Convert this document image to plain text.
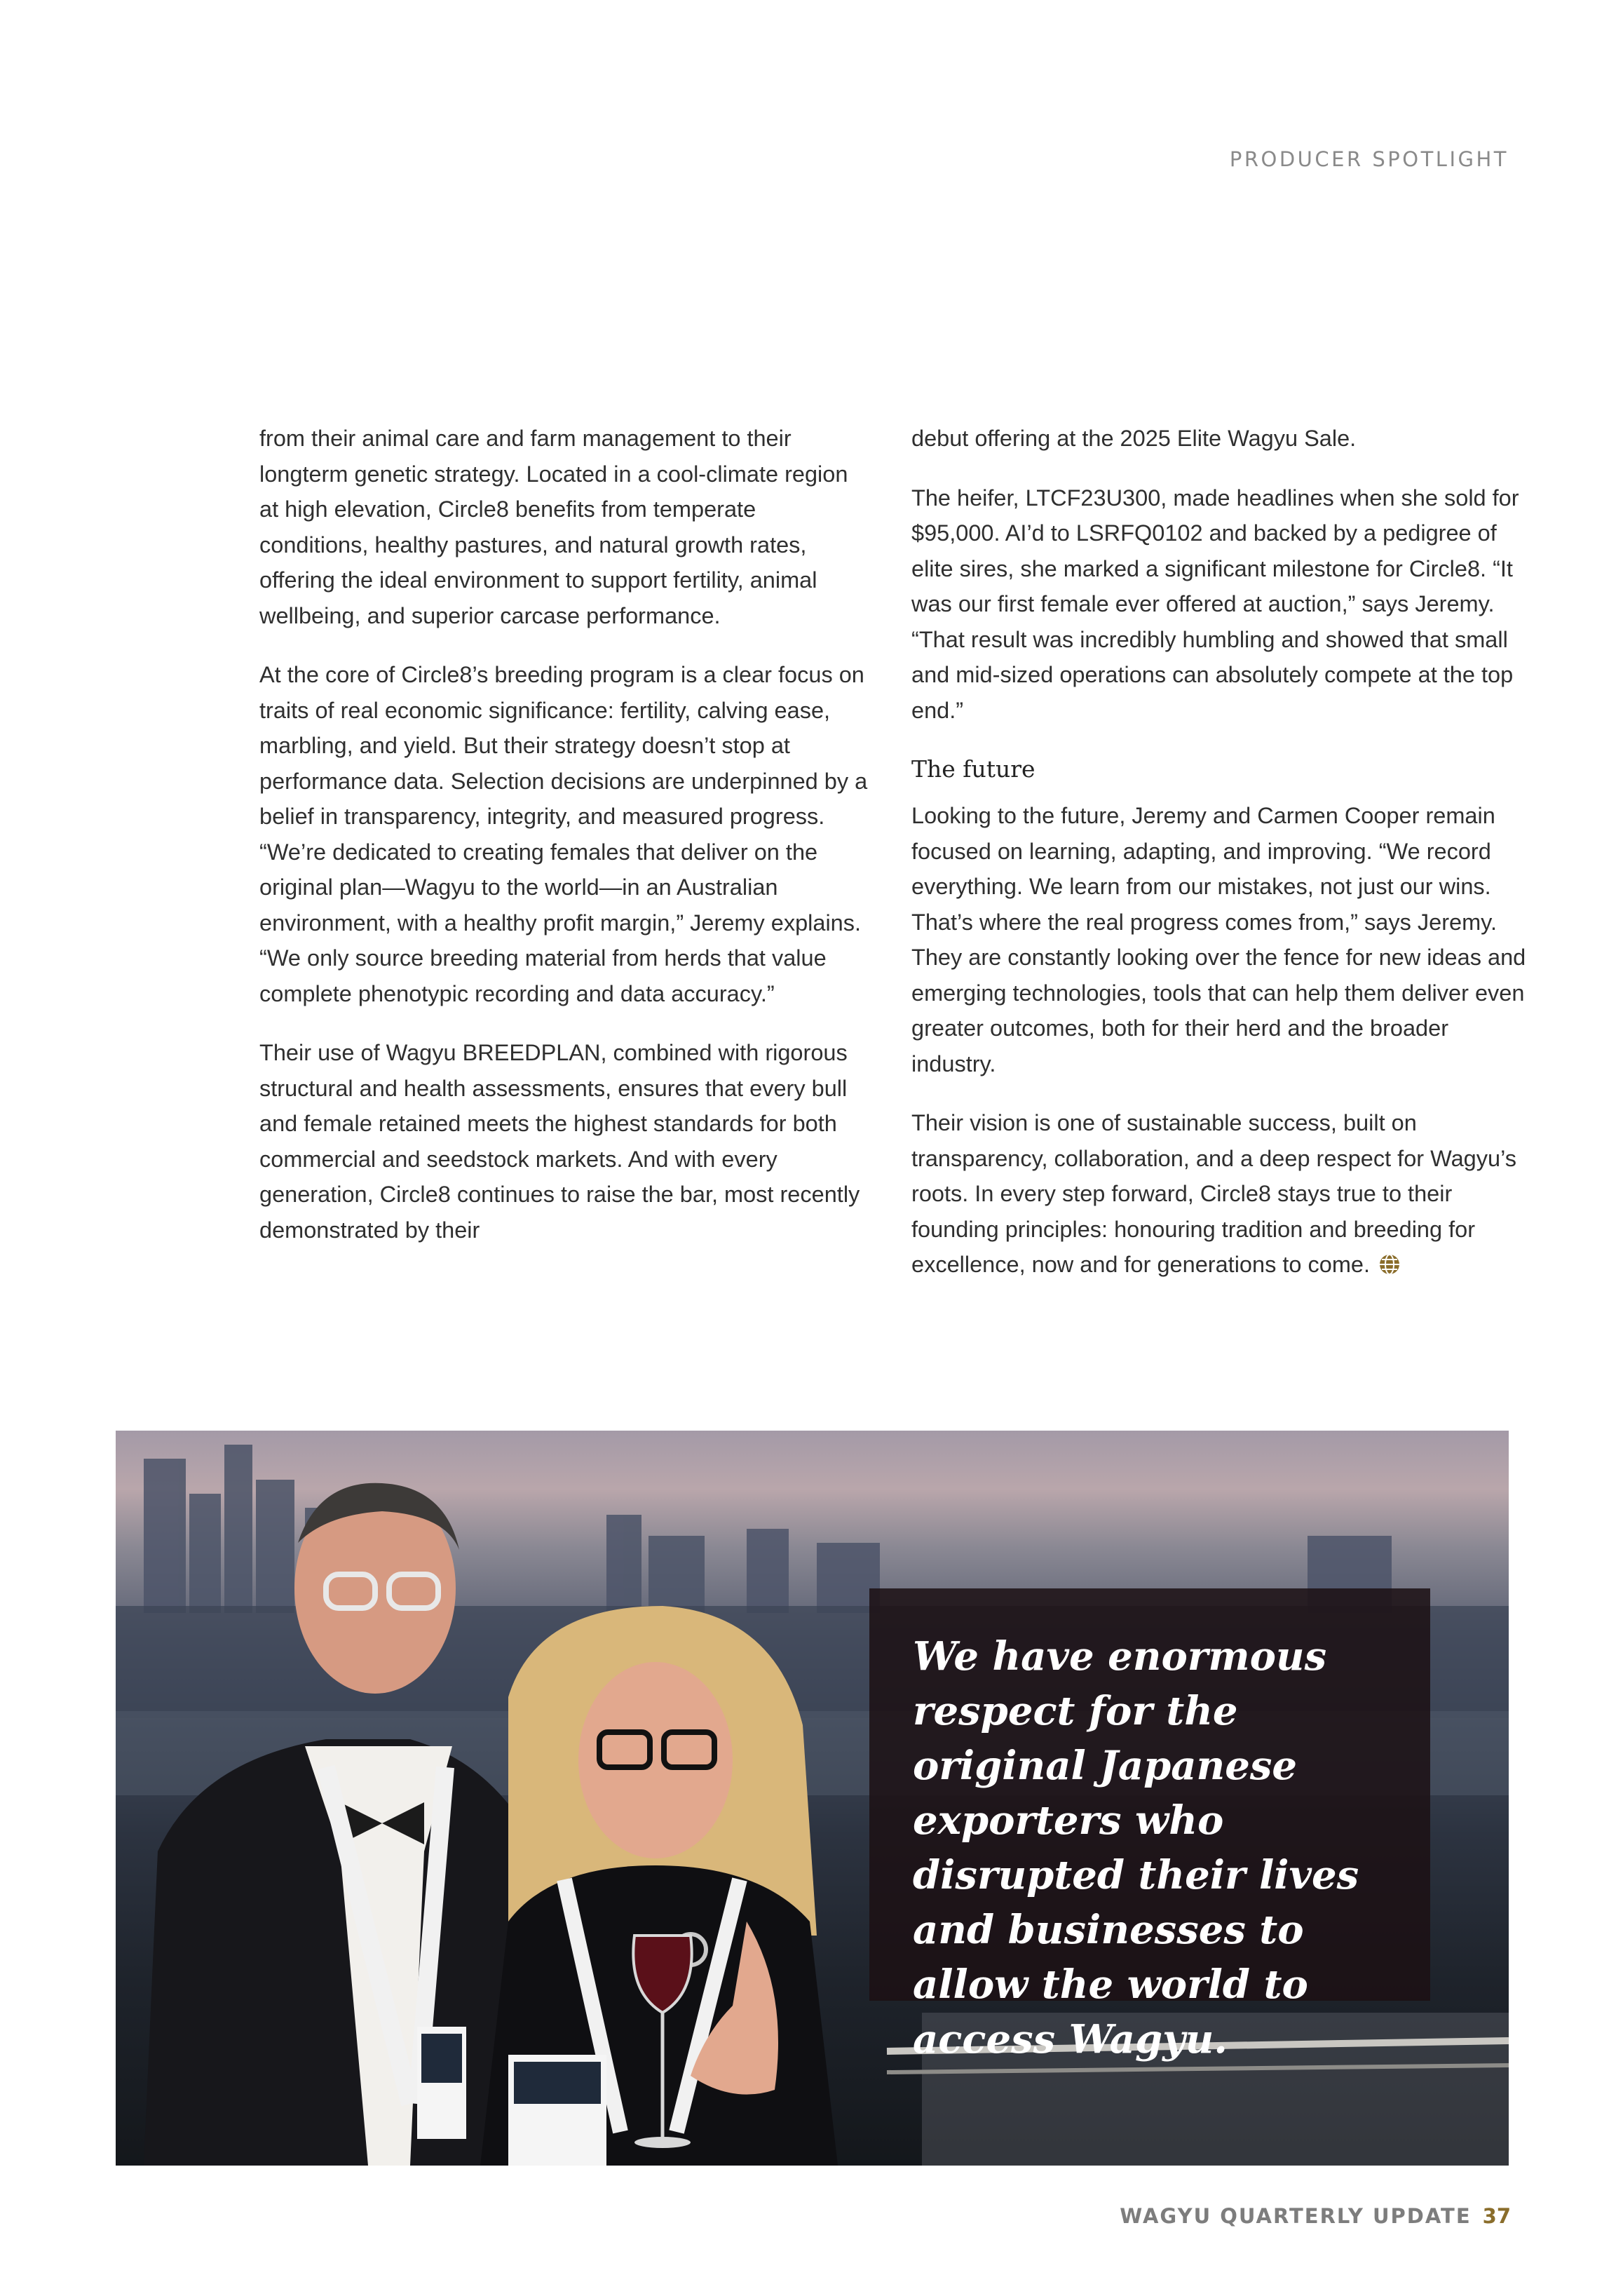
PRODUCER SPOTLIGHT

from their animal care and farm management to their longterm genetic strategy. Located in a cool-climate region at high elevation, Circle8 benefits from temperate conditions, healthy pastures, and natural growth rates, offering the ideal environment to support fertility, animal wellbeing, and superior carcase performance.

At the core of Circle8’s breeding program is a clear focus on traits of real economic significance: fertility, calving ease, marbling, and yield. But their strategy doesn’t stop at performance data. Selection decisions are underpinned by a belief in transparency, integrity, and measured progress. “We’re dedicated to creating females that deliver on the original plan—Wagyu to the world—in an Australian environment, with a healthy profit margin,” Jeremy explains. “We only source breeding material from herds that value complete phenotypic recording and data accuracy.”

Their use of Wagyu BREEDPLAN, combined with rigorous structural and health assessments, ensures that every bull and female retained meets the highest standards for both commercial and seedstock markets. And with every generation, Circle8 continues to raise the bar, most recently demonstrated by their

debut offering at the 2025 Elite Wagyu Sale.

The heifer, LTCF23U300, made headlines when she sold for $95,000. AI’d to LSRFQ0102 and backed by a pedigree of elite sires, she marked a significant milestone for Circle8. “It was our first female ever offered at auction,” says Jeremy. “That result was incredibly humbling and showed that small and mid-sized operations can absolutely compete at the top end.”

The future

Looking to the future, Jeremy and Carmen Cooper remain focused on learning, adapting, and improving. “We record everything. We learn from our mistakes, not just our wins. That’s where the real progress comes from,” says Jeremy. They are constantly looking over the fence for new ideas and emerging technologies, tools that can help them deliver even greater outcomes, both for their herd and the broader industry.

Their vision is one of sustainable success, built on transparency, collaboration, and a deep respect for Wagyu’s roots. In every step forward, Circle8 stays true to their founding principles: honouring tradition and breeding for excellence, now and for generations to come.

We have enormous respect for the original Japanese exporters who disrupted their lives and businesses to allow the world to access Wagyu.

WAGYU QUARTERLY UPDATE 37
